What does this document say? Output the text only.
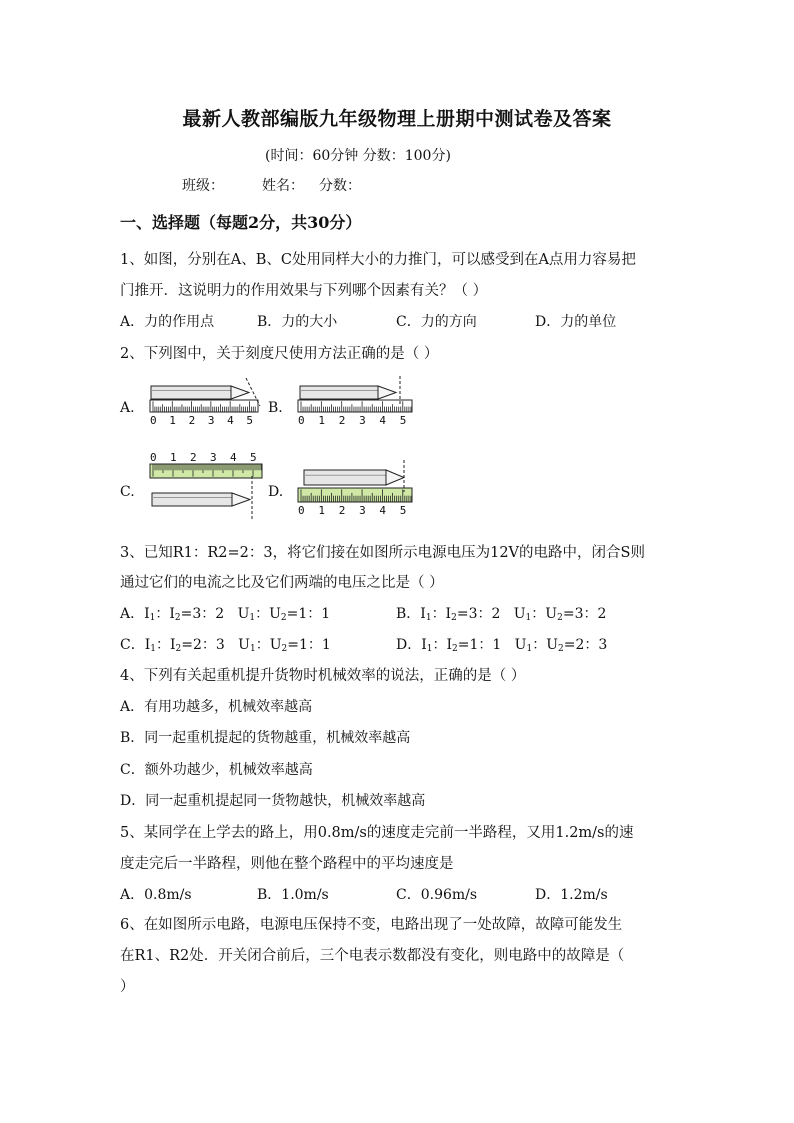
最新人教部编版九年级物理上册期中测试卷及答案
(时间：60分钟 分数：100分)
班级：	姓名： 分数：
一、选择题（每题2分，共30分）
1、如图，分别在A、B、C处用同样大小的力推门，可以感受到在A点用力容易把
门推开．这说明力的作用效果与下列哪个因素有关？（ ）
A．力的作用点	B．力的大小	C．力的方向	D．力的单位
2、下列图中，关于刻度尺使用方法正确的是（ ）
A.	B.
C.	D.
0 1 2 3 4 5	0 1 2 3 4 5
0 1 2 3 4 5
0 1 2 3 4 5
3、已知R1：R2=2：3，将它们接在如图所示电源电压为12V的电路中，闭合S则
通过它们的电流之比及它们两端的电压之比是（ ）
A．$I_1$：$I_2=3$：2   $U_1$：$U_2=1$：1	B．$I_1$：$I_2=3$：2   $U_1$：$U_2=3$：2
C．$I_1$：$I_2=2$：3   $U_1$：$U_2=1$：1	D．$I_1$：$I_2=1$：1   $U_1$：$U_2=2$：3
4、下列有关起重机提升货物时机械效率的说法，正确的是（ ）
A．有用功越多，机械效率越高
B．同一起重机提起的货物越重，机械效率越高
C．额外功越少，机械效率越高
D．同一起重机提起同一货物越快，机械效率越高
5、某同学在上学去的路上，用0.8m/s的速度走完前一半路程，又用1.2m/s的速
度走完后一半路程，则他在整个路程中的平均速度是
A．0.8m/s	B．1.0m/s	C．0.96m/s	D．1.2m/s
6、在如图所示电路，电源电压保持不变，电路出现了一处故障，故障可能发生
在R1、R2处．开关闭合前后，三个电表示数都没有变化，则电路中的故障是（
）
